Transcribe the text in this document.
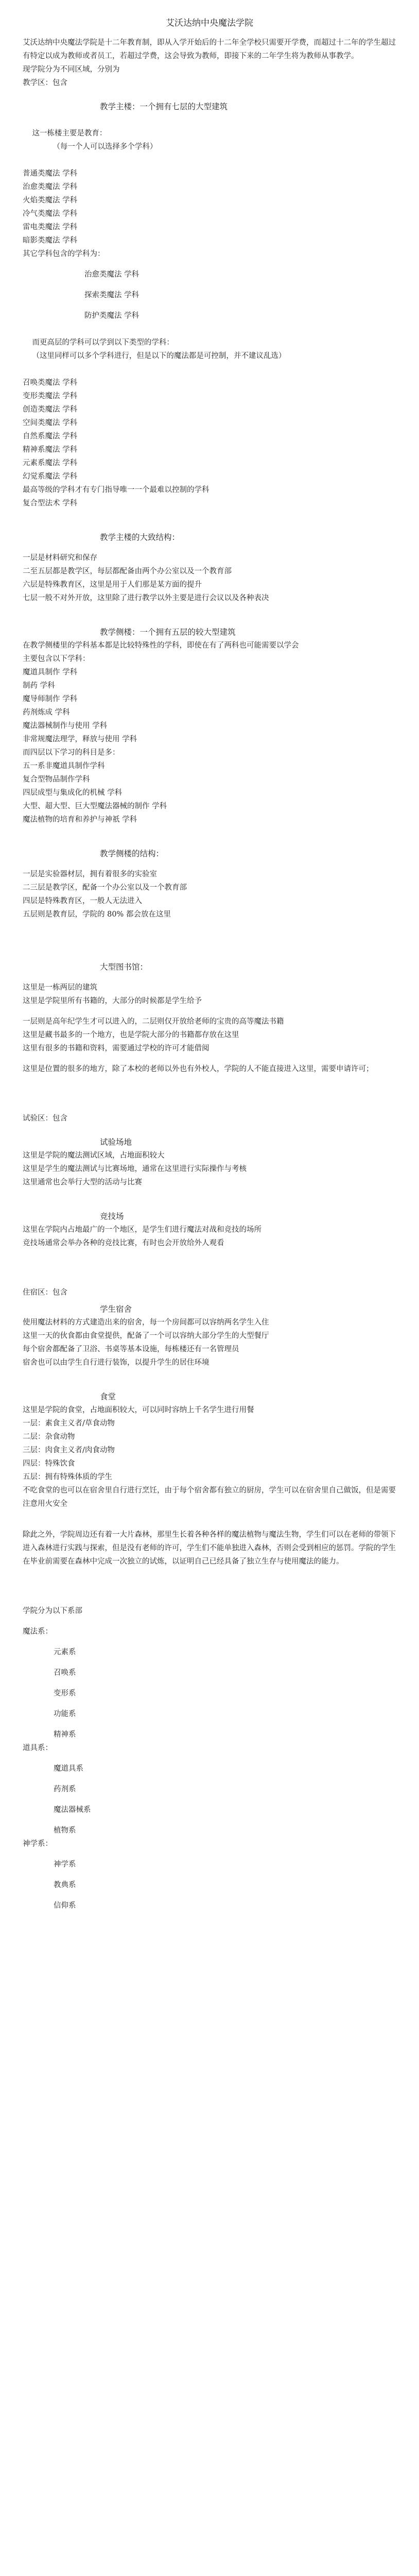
艾沃达纳中央魔法学院

艾沃达纳中央魔法学院是十二年教育制，即从入学开始后的十二年全学校只需要开学费，而超过十二年的学生超过有特定以成为教师或者员工，若超过学费，这会导致为教师，即接下来的二年学生将为教师从事教学。

现学院分为不同区域，分别为

教学区：包含
教学主楼：一个拥有七层的大型建筑

这一栋楼主要是教育：
（每一个人可以选择多个学科）

普通类魔法 学科
治愈类魔法 学科
火焰类魔法 学科
冷气类魔法 学科
雷电类魔法 学科
暗影类魔法 学科
其它学科包含的学科为：
治愈类魔法 学科
探索类魔法 学科
防护类魔法 学科

而更高层的学科可以学到以下类型的学科：
（这里同样可以多个学科进行，但是以下的魔法都是可控制，并不建议乱选）

召唤类魔法 学科
变形类魔法 学科
创造类魔法 学科
空间类魔法 学科
自然系魔法 学科
精神系魔法 学科
元素系魔法 学科
幻觉系魔法 学科
最高等级的学科才有专门指导唯一一个最难以控制的学科
复合型法术 学科
教学主楼的大致结构：
一层是材料研究和保存
二至五层都是教学区，每层都配备由两个办公室以及一个教育部
六层是特殊教育区，这里是用于人们那是某方面的提升
七层一般不对外开放，这里除了进行教学以外主要是进行会议以及各种表决
教学侧楼：一个拥有五层的较大型建筑
在教学侧楼里的学科基本都是比较特殊性的学科，即使在有了两科也可能需要以学会
主要包含以下学科：
魔道具制作 学科
制药 学科
魔导师制作 学科
药剂炼成 学科
魔法器械制作与使用 学科
非常规魔法理学，释放与使用 学科
而四层以下学习的科目是多：
五一系非魔道具制作学科
复合型物品制作学科
四层成型与集成化的机械 学科
大型、超大型、巨大型魔法器械的制作 学科
魔法植物的培育和养护与神祇 学科
教学侧楼的结构：
一层是实验器材层，拥有着很多的实验室
二三层是教学区，配备一个办公室以及一个教育部
四层是特殊教育区，一般人无法进入
五层则是教育层，学院的 80% 都会放在这里
大型图书馆：
这里是一栋两层的建筑
这里是学院里所有书籍的，大部分的时候都是学生给予
一层则是高年纪学生才可以进入的，二层则仅开放给老师的宝贵的高等魔法书籍
这里是藏书最多的一个地方，也是学院大部分的书籍都存放在这里
这里有很多的书籍和资料，需要通过学校的许可才能借阅

这里是位置的很多的地方，除了本校的老师以外也有外校人，学院的人不能直接进入这里，需要申请许可；

试验区：包含
试验场地
这里是学院的魔法测试区域，占地面积较大
这里是学生的魔法测试与比赛场地，通常在这里进行实际操作与考核
这里通常也会举行大型的活动与比赛
竞技场
这里在学院内占地最广的一个地区，是学生们进行魔法对战和竞技的场所
竞技场通常会举办各种的竞技比赛，有时也会开放给外人观看
住宿区：包含
学生宿舍
使用魔法材料的方式建造出来的宿舍，每一个房间都可以容纳两名学生入住
这里一天的伙食都由食堂提供，配备了一个可以容纳大部分学生的大型餐厅
每个宿舍都配备了卫浴、书桌等基本设施，每栋楼还有一名管理员
宿舍也可以由学生自行进行装饰，以提升学生的居住环境
食堂
这里是学院的食堂，占地面积较大，可以同时容纳上千名学生进行用餐
一层：素食主义者/草食动物
二层：杂食动物
三层：肉食主义者/肉食动物
四层：特殊饮食
五层：拥有特殊体质的学生

不吃食堂的也可以在宿舍里自行进行烹饪，由于每个宿舍都有独立的厨房，学生可以在宿舍里自己做饭，但是需要注意用火安全

除此之外，学院周边还有着一大片森林，那里生长着各种各样的魔法植物与魔法生物，学生们可以在老师的带领下进入森林进行实践与探索，但是没有老师的许可，学生们不能单独进入森林，否则会受到相应的惩罚。学院的学生在毕业前需要在森林中完成一次独立的试炼，以证明自己已经具备了独立生存与使用魔法的能力。

学院分为以下系部
魔法系：
元素系
召唤系
变形系
功能系
精神系
道具系：
魔道具系
药剂系
魔法器械系
植物系
神学系：
神学系
教典系
信仰系
